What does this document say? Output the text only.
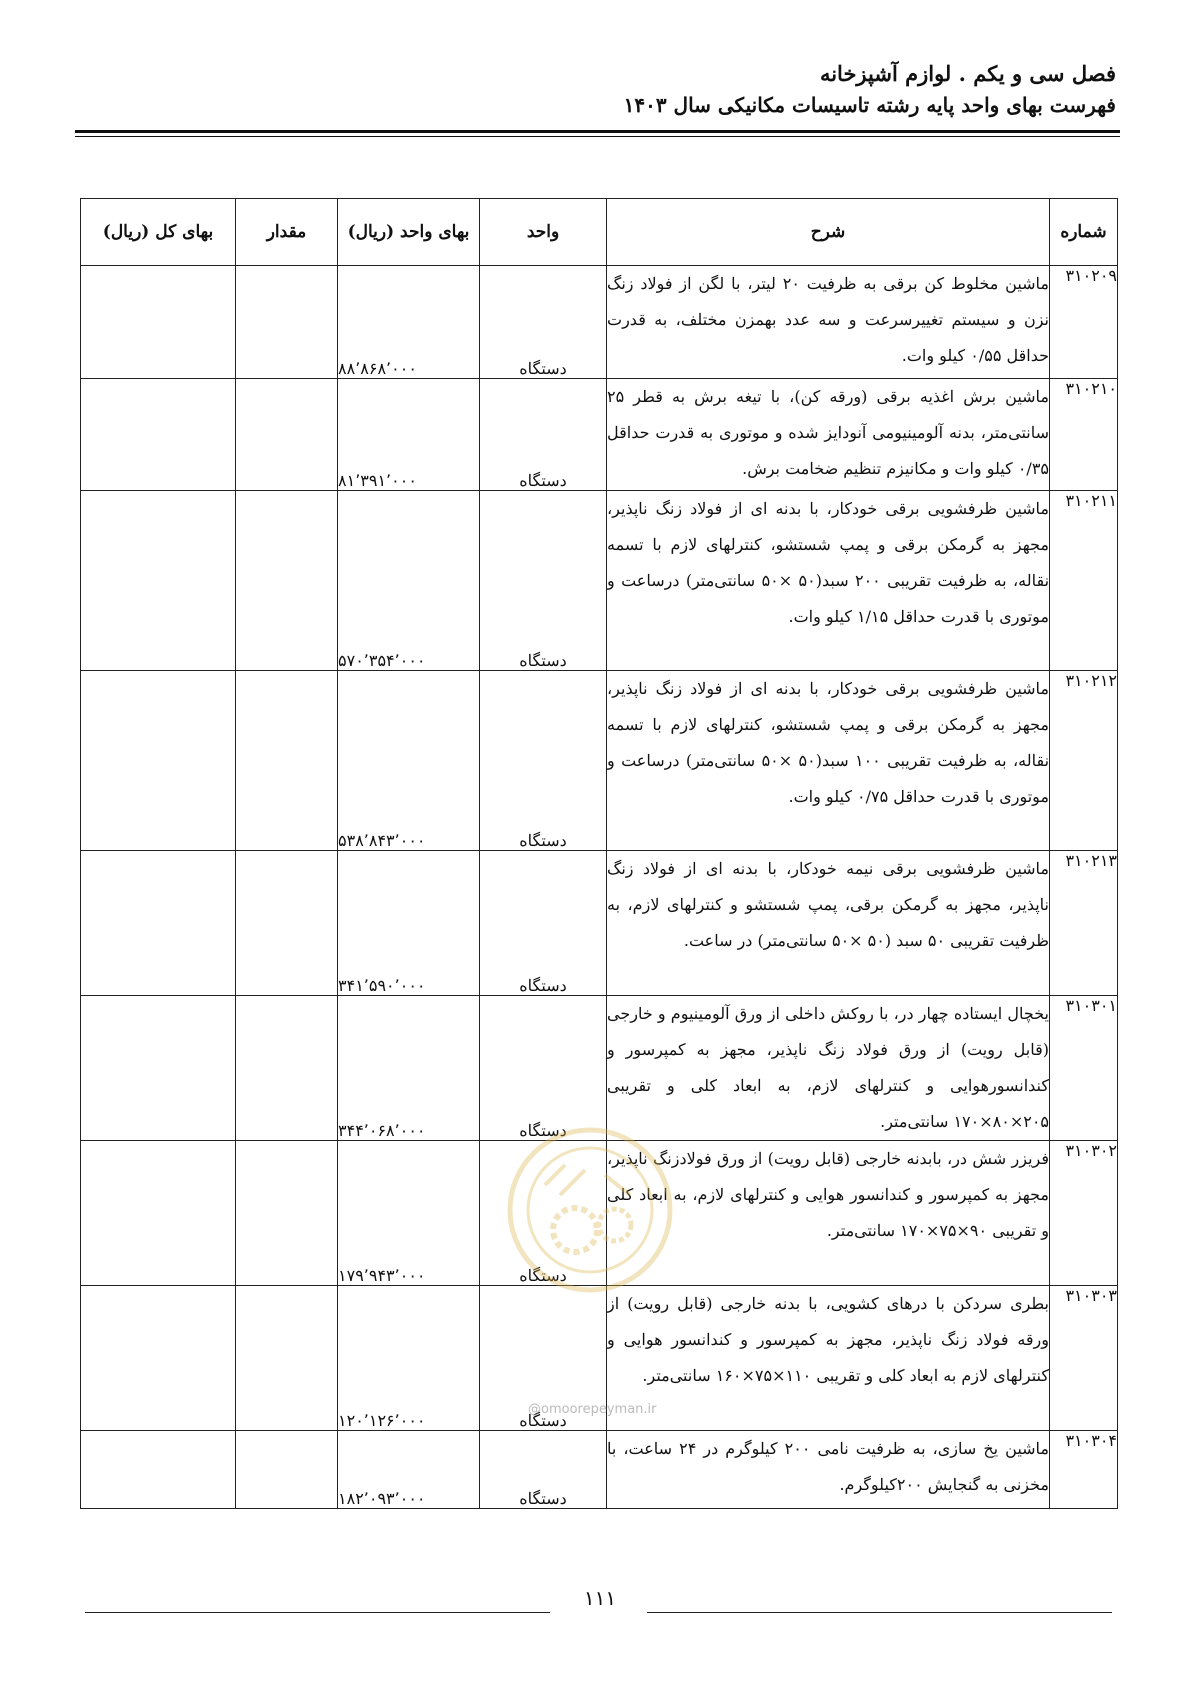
فصل سی و یکم . لوازم آشپزخانه
فهرست بهای واحد پایه رشته تاسیسات مکانیکی سال ۱۴۰۳
شماره	شرح	واحد	بهای واحد (ریال)	مقدار	بهای کل (ریال)
۳۱۰۲۰۹	ماشین مخلوط کن برقی به ظرفیت ۲۰ لیتر، با لگن از فولاد زنگ نزن و سیستم تغییرسرعت و سه عدد بهمزن مختلف، به قدرت حداقل ۰/۵۵ کیلو وات.	دستگاه	۸۸٬۸۶۸٬۰۰۰		
۳۱۰۲۱۰	ماشین برش اغذیه برقی (ورقه کن)، با تیغه برش به قطر ۲۵ سانتی‌متر، بدنه آلومینیومی آنودایز شده و موتوری به قدرت حداقل ۰/۳۵ کیلو وات و مکانیزم تنظیم ضخامت برش.	دستگاه	۸۱٬۳۹۱٬۰۰۰		
۳۱۰۲۱۱	ماشین ظرفشویی برقی خودکار، با بدنه ای از فولاد زنگ ناپذیر، مجهز به گرمکن برقی و پمپ شستشو، کنترلهای لازم با تسمه نقاله، به ظرفیت تقریبی ۲۰۰ سبد(۵۰ ×۵۰ سانتی‌متر) درساعت و موتوری با قدرت حداقل ۱/۱۵ کیلو وات.	دستگاه	۵۷۰٬۳۵۴٬۰۰۰		
۳۱۰۲۱۲	ماشین ظرفشویی برقی خودکار، با بدنه ای از فولاد زنگ ناپذیر، مجهز به گرمکن برقی و پمپ شستشو، کنترلهای لازم با تسمه نقاله، به ظرفیت تقریبی ۱۰۰ سبد(۵۰ ×۵۰ سانتی‌متر) درساعت و موتوری با قدرت حداقل ۰/۷۵ کیلو وات.	دستگاه	۵۳۸٬۸۴۳٬۰۰۰		
۳۱۰۲۱۳	ماشین ظرفشویی برقی نیمه خودکار، با بدنه ای از فولاد زنگ ناپذیر، مجهز به گرمکن برقی، پمپ شستشو و کنترلهای لازم، به ظرفیت تقریبی ۵۰ سبد (۵۰ ×۵۰ سانتی‌متر) در ساعت.	دستگاه	۳۴۱٬۵۹۰٬۰۰۰		
۳۱۰۳۰۱	یخچال ایستاده چهار در، با روکش داخلی از ورق آلومینیوم و خارجی (قابل رویت) از ورق فولاد زنگ ناپذیر، مجهز به کمپرسور و کندانسورهوایی و کنترلهای لازم، به ابعاد کلی و تقریبی ۲۰۵×۸۰×۱۷۰ سانتی‌متر.	دستگاه	۳۴۴٬۰۶۸٬۰۰۰		
۳۱۰۳۰۲	فریزر شش در، بابدنه خارجی (قابل رویت) از ورق فولادزنگ ناپذیر، مجهز به کمپرسور و کندانسور هوایی و کنترلهای لازم، به ابعاد کلی و تقریبی ۹۰×۷۵×۱۷۰ سانتی‌متر.	دستگاه	۱۷۹٬۹۴۳٬۰۰۰		
۳۱۰۳۰۳	بطری سردکن با درهای کشویی، با بدنه خارجی (قابل رویت) از ورقه فولاد زنگ ناپذیر، مجهز به کمپرسور و کندانسور هوایی و کنترلهای لازم به ابعاد کلی و تقریبی ۱۱۰×۷۵×۱۶۰ سانتی‌متر.	دستگاه	۱۲۰٬۱۲۶٬۰۰۰		
۳۱۰۳۰۴	ماشین یخ سازی، به ظرفیت نامی ۲۰۰ کیلوگرم در ۲۴ ساعت، با مخزنی به گنجایش ۲۰۰کیلوگرم.	دستگاه	۱۸۲٬۰۹۳٬۰۰۰		
@omoorepeyman.ir
۱۱۱
